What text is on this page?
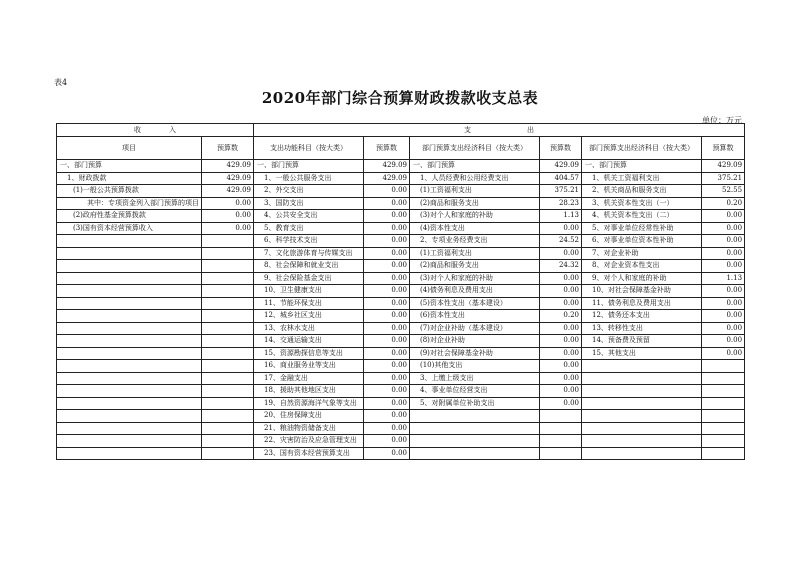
表4
2020年部门综合预算财政拨款收支总表
单位：万元
收　　　　入		支　　　　　　　　出					
项目	预算数	支出功能科目（按大类）	预算数	部门预算支出经济科目（按大类）	预算数	部门预算支出经济科目（按大类）	预算数
一、部门预算	429.09	一、部门预算	429.09	一、部门预算	429.09	一、部门预算	429.09
1、财政拨款	429.09	1、一般公共服务支出	429.09	1、人员经费和公用经费支出	404.57	1、机关工资福利支出	375.21
(1)一般公共预算拨款	429.09	2、外交支出	0.00	(1)工资福利支出	375.21	2、机关商品和服务支出	52.55
其中：专项资金列入部门预算的项目	0.00	3、国防支出	0.00	(2)商品和服务支出	28.23	3、机关资本性支出（一）	0.20
(2)政府性基金预算拨款	0.00	4、公共安全支出	0.00	(3)对个人和家庭的补助	1.13	4、机关资本性支出（二）	0.00
(3)国有资本经营预算收入	0.00	5、教育支出	0.00	(4)资本性支出	0.00	5、对事业单位经常性补助	0.00
		6、科学技术支出	0.00	2、专项业务经费支出	24.52	6、对事业单位资本性补助	0.00
		7、文化旅游体育与传媒支出	0.00	(1)工资福利支出	0.00	7、对企业补助	0.00
		8、社会保障和就业支出	0.00	(2)商品和服务支出	24.32	8、对企业资本性支出	0.00
		9、社会保险基金支出	0.00	(3)对个人和家庭的补助	0.00	9、对个人和家庭的补助	1.13
		10、卫生健康支出	0.00	(4)债务利息及费用支出	0.00	10、对社会保障基金补助	0.00
		11、节能环保支出	0.00	(5)资本性支出（基本建设）	0.00	11、债务利息及费用支出	0.00
		12、城乡社区支出	0.00	(6)资本性支出	0.20	12、债务还本支出	0.00
		13、农林水支出	0.00	(7)对企业补助（基本建设）	0.00	13、转移性支出	0.00
		14、交通运输支出	0.00	(8)对企业补助	0.00	14、预备费及预留	0.00
		15、资源勘探信息等支出	0.00	(9)对社会保障基金补助	0.00	15、其他支出	0.00
		16、商业服务业等支出	0.00	(10)其他支出	0.00		
		17、金融支出	0.00	3、上缴上级支出	0.00		
		18、援助其他地区支出	0.00	4、事业单位经营支出	0.00		
		19、自然资源海洋气象等支出	0.00	5、对附属单位补助支出	0.00		
		20、住房保障支出	0.00				
		21、粮油物资储备支出	0.00				
		22、灾害防治及应急管理支出	0.00				
		23、国有资本经营预算支出	0.00				
